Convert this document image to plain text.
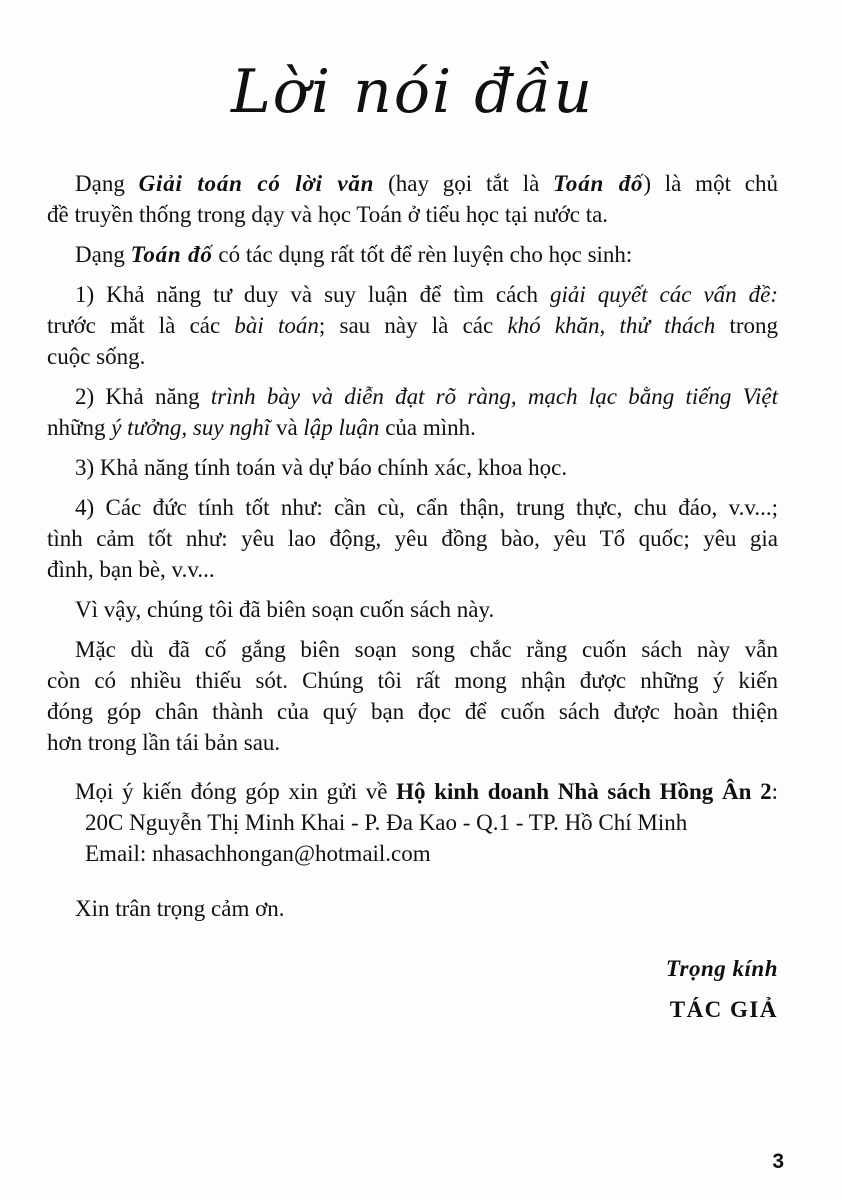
Lời nói đầu
Dạng Giải toán có lời văn (hay gọi tắt là Toán đố) là một chủ
đề truyền thống trong dạy và học Toán ở tiểu học tại nước ta.
Dạng Toán đố có tác dụng rất tốt để rèn luyện cho học sinh:
1) Khả năng tư duy và suy luận để tìm cách giải quyết các vấn đề:
trước mắt là các bài toán; sau này là các khó khăn, thử thách trong
cuộc sống.
2) Khả năng trình bày và diễn đạt rõ ràng, mạch lạc bằng tiếng Việt
những ý tưởng, suy nghĩ và lập luận của mình.
3) Khả năng tính toán và dự báo chính xác, khoa học.
4) Các đức tính tốt như: cần cù, cẩn thận, trung thực, chu đáo, v.v...;
tình cảm tốt như: yêu lao động, yêu đồng bào, yêu Tổ quốc; yêu gia
đình, bạn bè, v.v...
Vì vậy, chúng tôi đã biên soạn cuốn sách này.
Mặc dù đã cố gắng biên soạn song chắc rằng cuốn sách này vẫn
còn có nhiều thiếu sót. Chúng tôi rất mong nhận được những ý kiến
đóng góp chân thành của quý bạn đọc để cuốn sách được hoàn thiện
hơn trong lần tái bản sau.
Mọi ý kiến đóng góp xin gửi về Hộ kinh doanh Nhà sách Hồng Ân 2:
20C Nguyễn Thị Minh Khai - P. Đa Kao - Q.1 - TP. Hồ Chí Minh
Email: nhasachhongan@hotmail.com
Xin trân trọng cảm ơn.
Trọng kính
TÁC GIẢ
3
